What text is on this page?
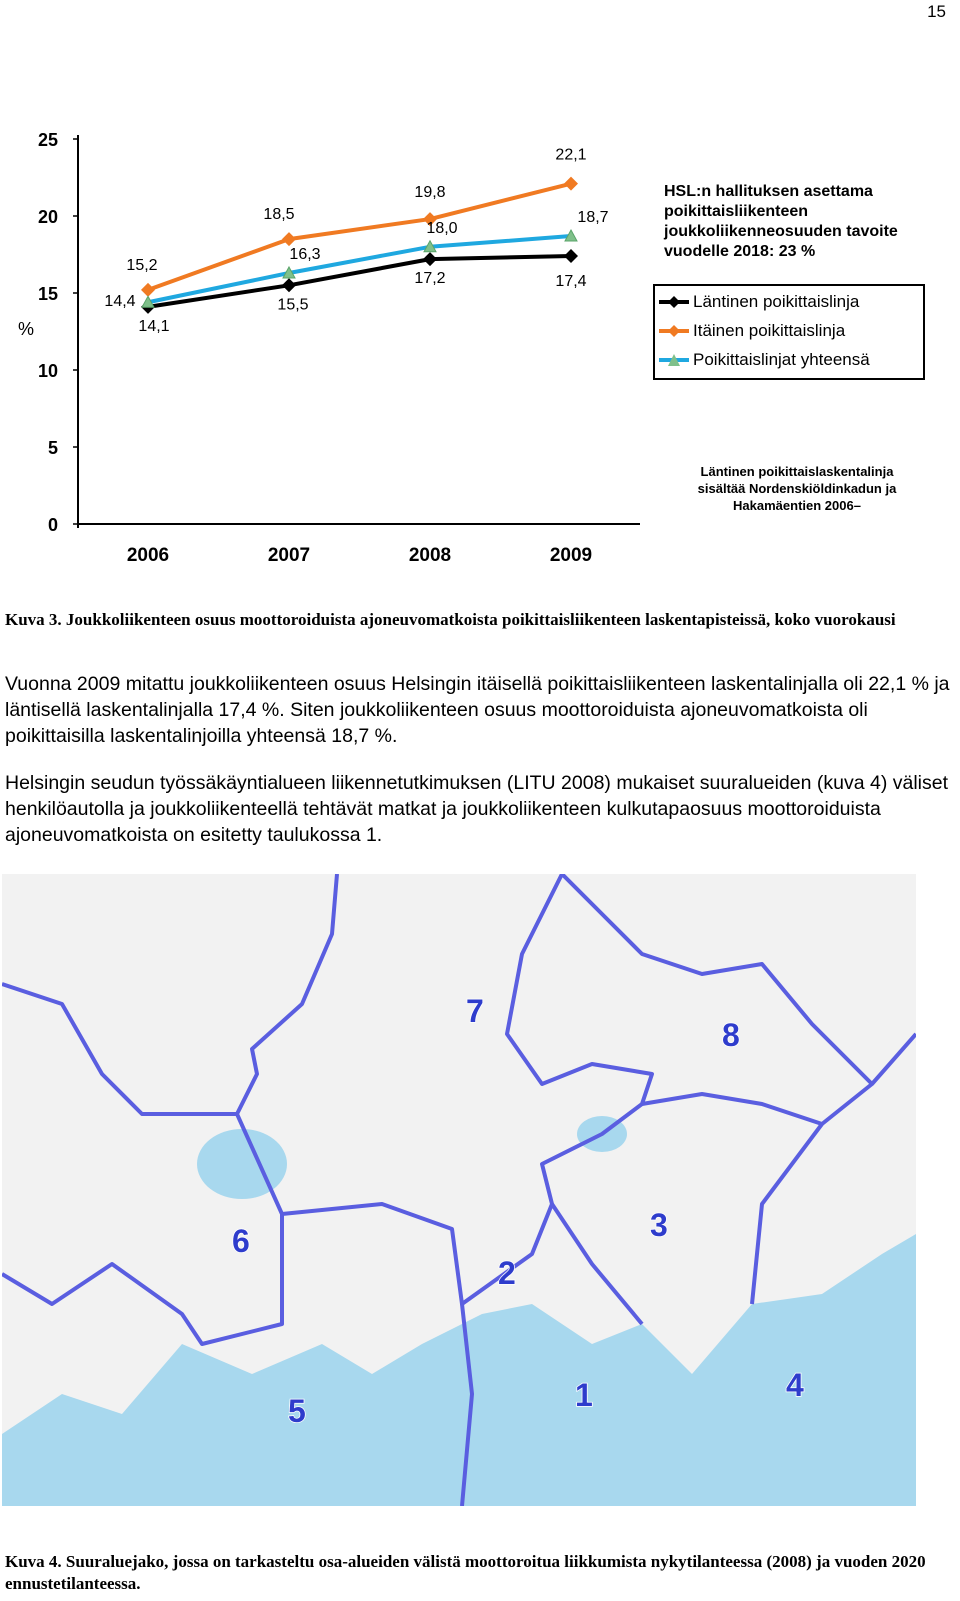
15
0
5
10
15
20
25
%
2006	2007	2008	2009
14,1
15,5
17,2	17,4
15,2
18,5
19,8
22,1
14,4
16,3
18,0
18,7
HSL:n hallituksen asettama poikittaisliikenteen joukkoliikenneosuuden tavoite vuodelle 2018: 23 %
Läntinen poikittaislinja
Itäinen poikittaislinja
Poikittaislinjat yhteensä
Läntinen poikittaislaskentalinja sisältää Nordenskiöldinkadun ja Hakamäentien 2006–
Kuva 3. Joukkoliikenteen osuus moottoroiduista ajoneuvomatkoista poikittaisliikenteen laskentapisteissä, koko vuorokausi
Vuonna 2009 mitattu joukkoliikenteen osuus Helsingin itäisellä poikittaisliikenteen laskentalinjalla oli 22,1 % ja läntisellä laskentalinjalla 17,4 %. Siten joukkoliikenteen osuus moottoroiduista ajoneuvomatkoista oli poikittaisilla laskentalinjoilla yhteensä 18,7 %.
Helsingin seudun työssäkäyntialueen liikennetutkimuksen (LITU 2008) mukaiset suuralueiden (kuva 4) väliset henkilöautolla ja joukkoliikenteellä tehtävät matkat ja joukkoliikenteen kulkutapaosuus moottoroiduista ajoneuvomatkoista on esitetty taulukossa 1.
1
2
3
4
5
6
7
8
Kuva 4. Suuraluejako, jossa on tarkasteltu osa-alueiden välistä moottoroitua liikkumista nykytilanteessa (2008) ja vuoden 2020 ennustetilanteessa.
